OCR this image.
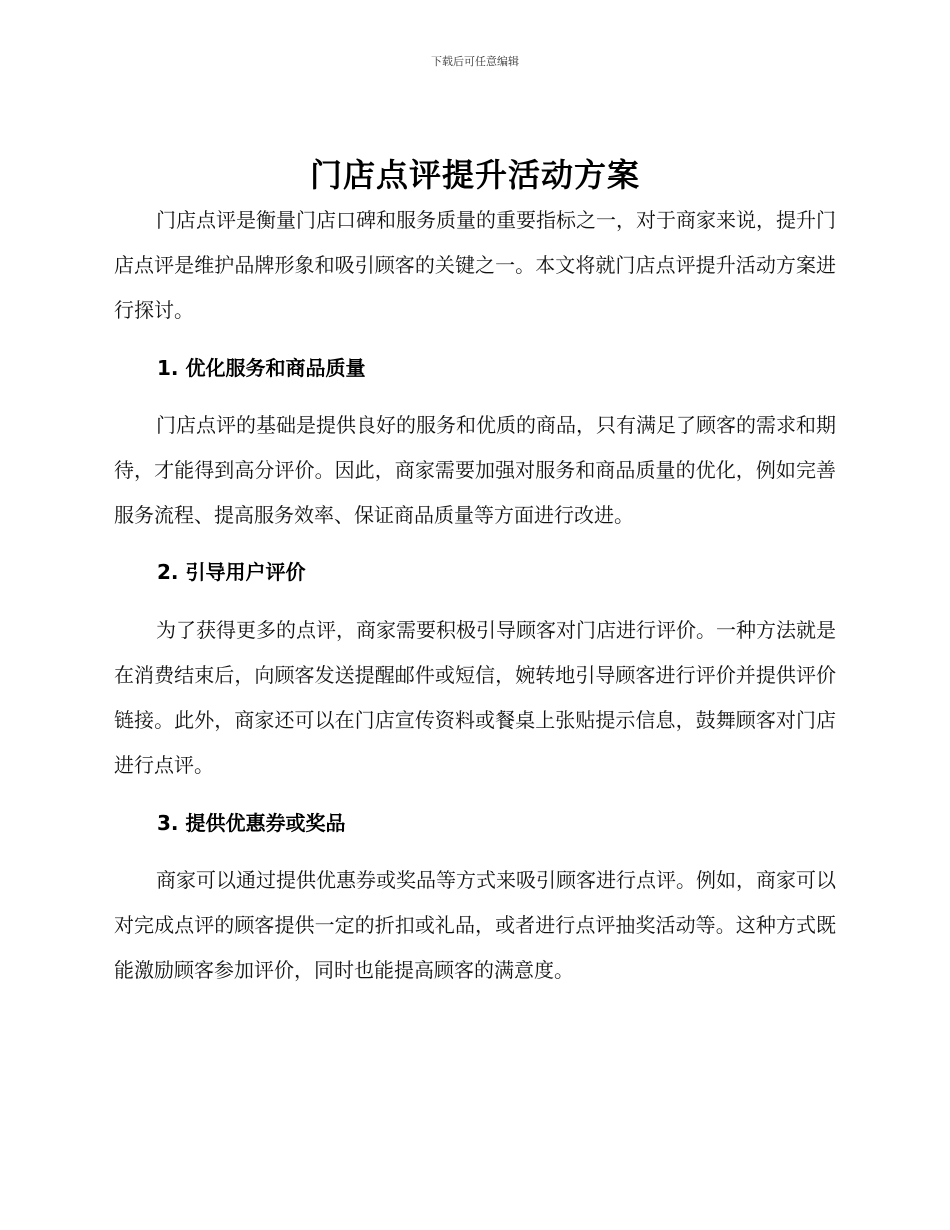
下载后可任意编辑
门店点评提升活动方案

门店点评是衡量门店口碑和服务质量的重要指标之一，对于商家来说，提升门店点评是维护品牌形象和吸引顾客的关键之一。本文将就门店点评提升活动方案进行探讨。

1. 优化服务和商品质量

门店点评的基础是提供良好的服务和优质的商品，只有满足了顾客的需求和期待，才能得到高分评价。因此，商家需要加强对服务和商品质量的优化，例如完善服务流程、提高服务效率、保证商品质量等方面进行改进。

2. 引导用户评价

为了获得更多的点评，商家需要积极引导顾客对门店进行评价。一种方法就是在消费结束后，向顾客发送提醒邮件或短信，婉转地引导顾客进行评价并提供评价链接。此外，商家还可以在门店宣传资料或餐桌上张贴提示信息，鼓舞顾客对门店进行点评。

3. 提供优惠券或奖品

商家可以通过提供优惠券或奖品等方式来吸引顾客进行点评。例如，商家可以对完成点评的顾客提供一定的折扣或礼品，或者进行点评抽奖活动等。这种方式既能激励顾客参加评价，同时也能提高顾客的满意度。
